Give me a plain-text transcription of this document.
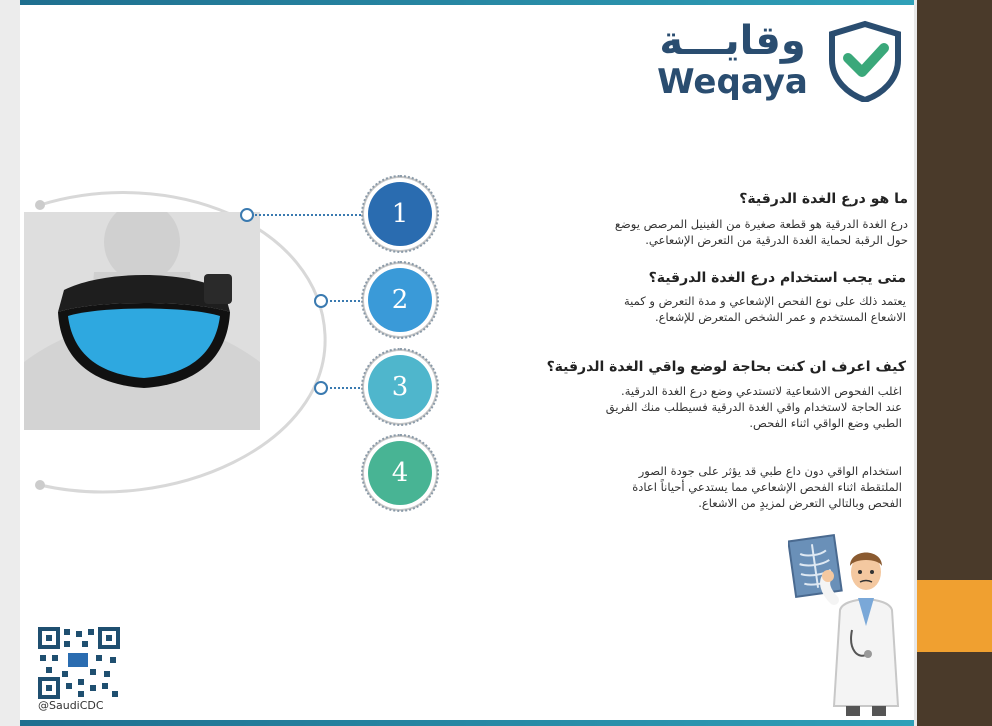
وقايـــة
Weqaya
1
2
3
4
ما هو درع الغدة الدرقية؟
درع الغدة الدرقية هو قطعة صغيرة من الفينيل المرصص يوضع
حول الرقبة لحماية الغدة الدرقية من التعرض الإشعاعي.
متى يجب استخدام درع الغدة الدرقية؟
يعتمد ذلك على نوع الفحص الإشعاعي و مدة التعرض و كمية
الاشعاع المستخدم و عمر الشخص المتعرض للإشعاع.
كيف اعرف ان كنت بحاجة لوضع واقي الغدة الدرقية؟
اغلب الفحوص الاشعاعية لاتستدعي وضع درع الغدة الدرقية.
عند الحاجة لاستخدام واقي الغدة الدرقية فسيطلب منك الفريق
الطبي وضع الواقي اثناء الفحص.
استخدام الواقي دون داع طبي قد يؤثر على جودة الصور
الملتقطة اثناء الفحص الإشعاعي مما يستدعي أحياناً اعادة
الفحص وبالتالي التعرض لمزيدٍ من الاشعاع.
@SaudiCDC
